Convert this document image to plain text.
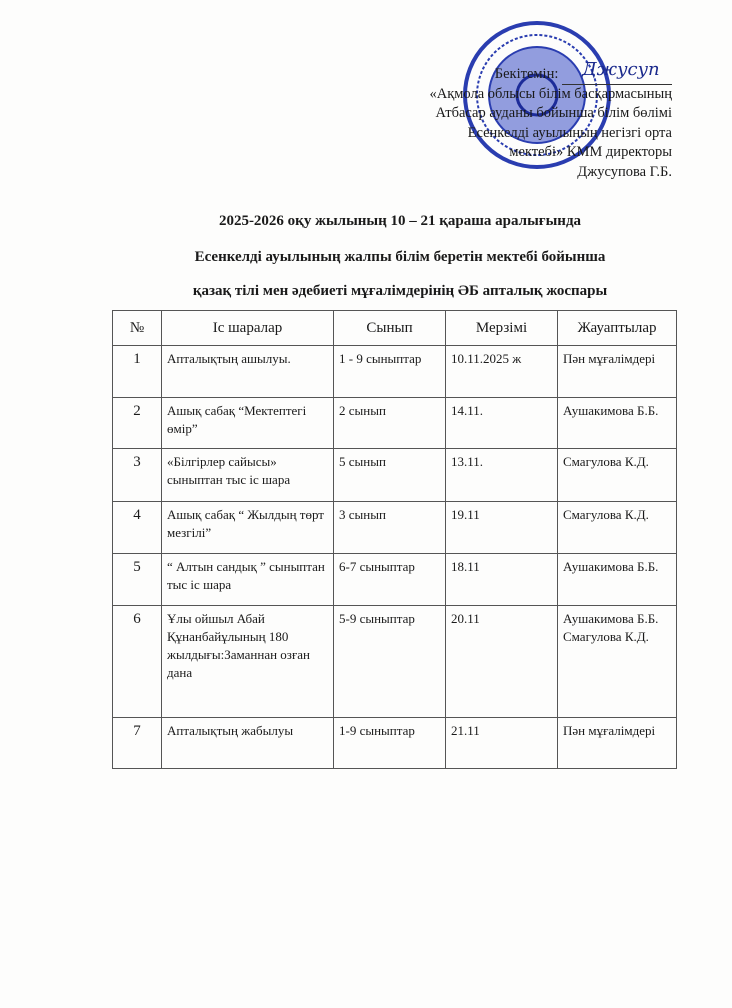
Бекітемін: Джусуп
«Ақмола облысы білім басқармасының
Атбасар ауданы бойынша білім бөлімі
Есенкелді ауылының негізгі орта
мектебі» КММ директоры
Джусупова Г.Б.
2025-2026 оқу жылының 10 – 21 қараша аралығында
Есенкелді ауылының жалпы білім беретін мектебі бойынша
қазақ тілі мен әдебиеті мұғалімдерінің ӘБ апталық жоспары
№	Іс шаралар	Сынып	Мерзімі	Жауаптылар
1	Апталықтың ашылуы.	1 - 9 сыныптар	10.11.2025 ж	Пән мұғалімдері
2	Ашық сабақ “Мектептегі өмір”	2 сынып	14.11.	Аушакимова Б.Б.
3	«Білгірлер сайысы» сыныптан тыс іс шара	5 сынып	13.11.	Смагулова К.Д.
4	Ашық сабақ “ Жылдың төрт мезгілі”	3 сынып	19.11	Смагулова К.Д.
5	“ Алтын сандық ” сыныптан тыс іс шара	6-7 сыныптар	18.11	Аушакимова Б.Б.
6	Ұлы ойшыл Абай Құнанбайұлының 180 жылдығы:Заманнан озған дана	5-9 сыныптар	20.11	Аушакимова Б.Б. Смагулова К.Д.
7	Апталықтың жабылуы	1-9 сыныптар	21.11	Пән мұғалімдері
